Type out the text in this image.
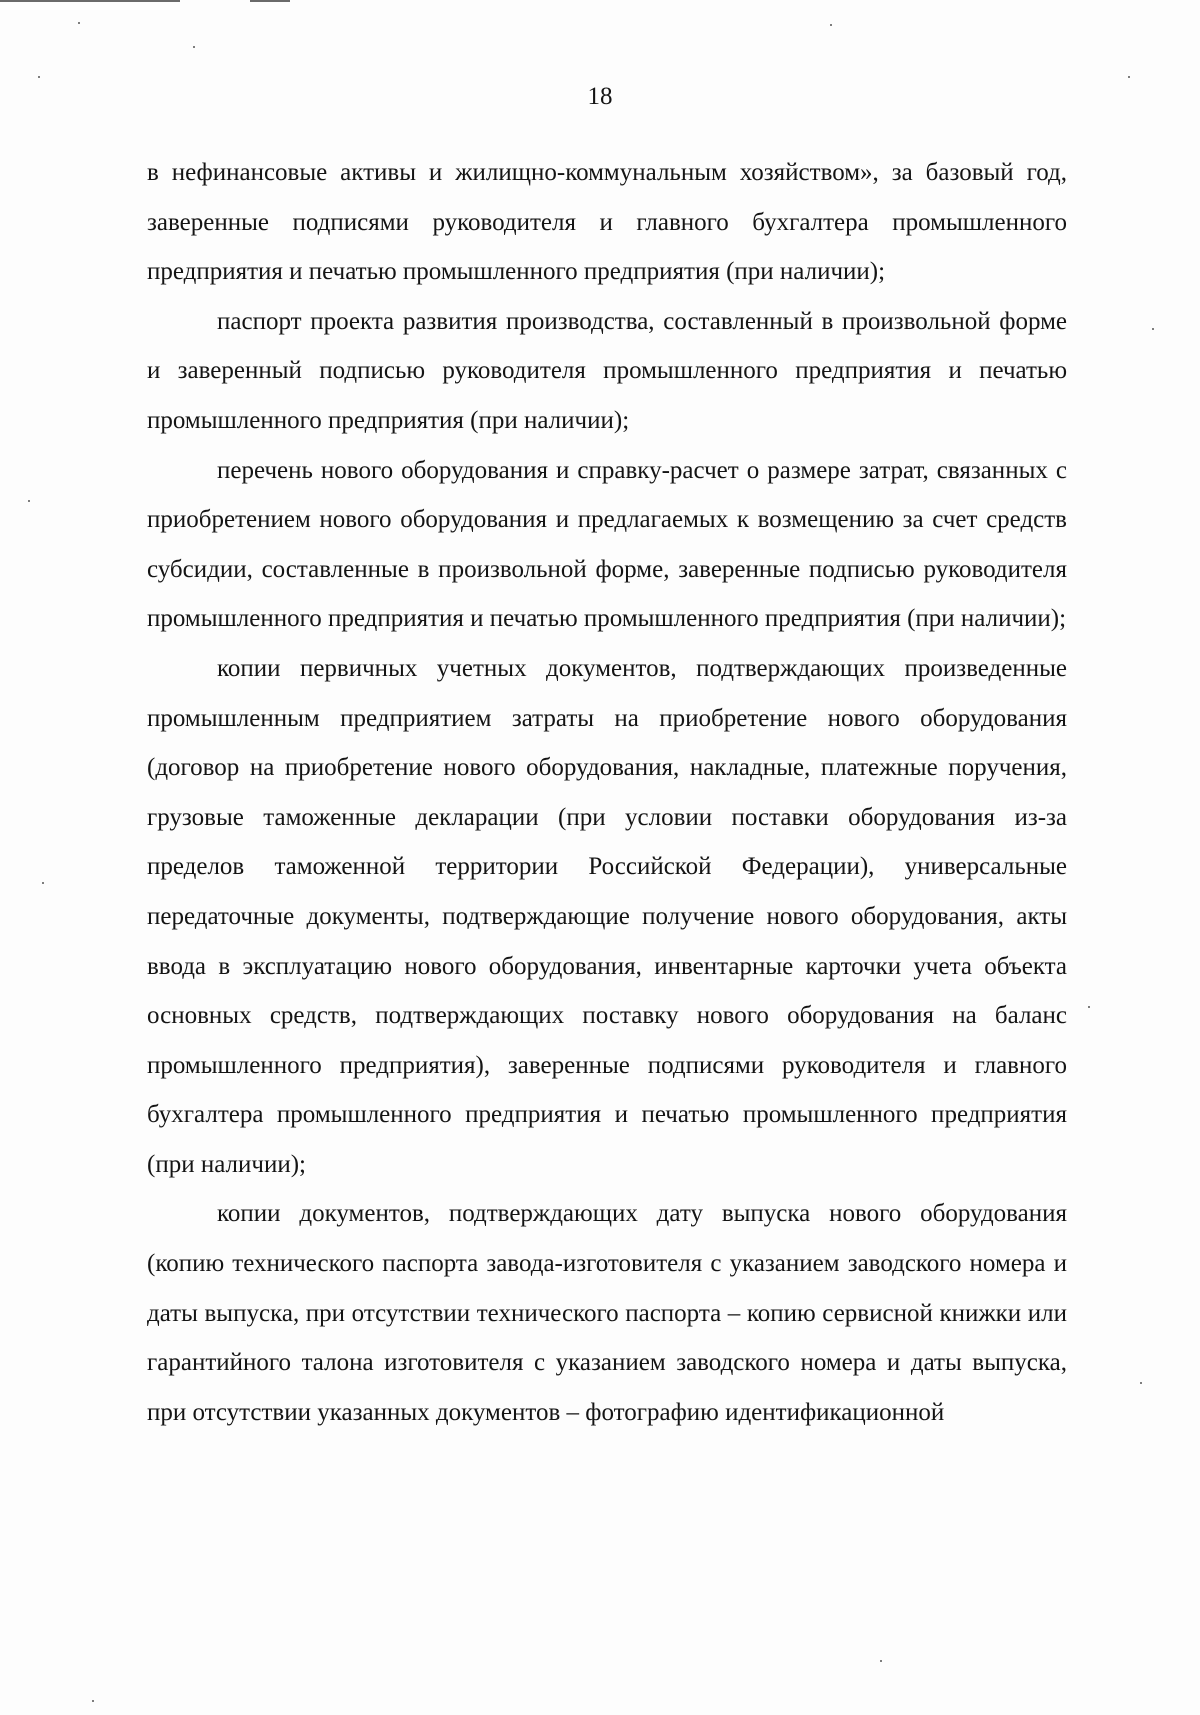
18

в нефинансовые активы и жилищно-коммунальным хозяйством», за базовый год, заверенные подписями руководителя и главного бухгалтера промышленного предприятия и печатью промышленного предприятия (при наличии);

паспорт проекта развития производства, составленный в произвольной форме и заверенный подписью руководителя промышленного предприятия и печатью промышленного предприятия (при наличии);

перечень нового оборудования и справку-расчет о размере затрат, связанных с приобретением нового оборудования и предлагаемых к возмещению за счет средств субсидии, составленные в произвольной форме, заверенные подписью руководителя промышленного предприятия и печатью промышленного предприятия (при наличии);

копии первичных учетных документов, подтверждающих произведенные промышленным предприятием затраты на приобретение нового оборудования (договор на приобретение нового оборудования, накладные, платежные поручения, грузовые таможенные декларации (при условии поставки оборудования из-за пределов таможенной территории Российской Федерации), универсальные передаточные документы, подтверждающие получение нового оборудования, акты ввода в эксплуатацию нового оборудования, инвентарные карточки учета объекта основных средств, подтверждающих поставку нового оборудования на баланс промышленного предприятия), заверенные подписями руководителя и главного бухгалтера промышленного предприятия и печатью промышленного предприятия (при наличии);

копии документов, подтверждающих дату выпуска нового оборудования (копию технического паспорта завода-изготовителя с указанием заводского номера и даты выпуска, при отсутствии технического паспорта – копию сервисной книжки или гарантийного талона изготовителя с указанием заводского номера и даты выпуска, при отсутствии указанных документов – фотографию идентификационной
